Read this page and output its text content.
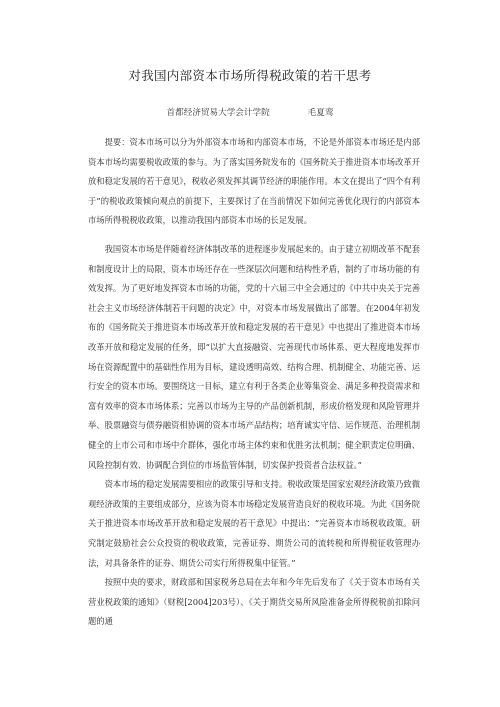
对我国内部资本市场所得税政策的若干思考
首都经济贸易大学会计学院	毛夏鸾

提要：资本市场可以分为外部资本市场和内部资本市场，不论是外部资本市场还是内部资本市场均需要税收政策的参与。为了落实国务院发布的《国务院关于推进资本市场改革开放和稳定发展的若干意见》，税收必须发挥其调节经济的职能作用。本文在提出了“四个有利于”的税收政策倾向观点的前提下，主要探讨了在当前情况下如何完善优化现行的内部资本市场所得税税收政策，以推动我国内部资本市场的长足发展。

我国资本市场是伴随着经济体制改革的进程逐步发展起来的。由于建立初期改革不配套和制度设计上的局限，资本市场还存在一些深层次问题和结构性矛盾，制约了市场功能的有效发挥。为了更好地发挥资本市场的功能，党的十六届三中全会通过的《中共中央关于完善社会主义市场经济体制若干问题的决定》中，对资本市场发展做出了部署。在2004年初发布的《国务院关于推进资本市场改革开放和稳定发展的若干意见》中也提出了推进资本市场改革开放和稳定发展的任务，即“以扩大直接融资、完善现代市场体系、更大程度地发挥市场在资源配置中的基础性作用为目标，建设透明高效、结构合理、机制健全、功能完善、运行安全的资本市场。要围绕这一目标，建立有利于各类企业筹集资金、满足多种投资需求和富有效率的资本市场体系；完善以市场为主导的产品创新机制，形成价格发现和风险管理并举、股票融资与债券融资相协调的资本市场产品结构；培育诚实守信、运作规范、治理机制健全的上市公司和市场中介群体，强化市场主体约束和优胜劣汰机制；健全职责定位明确、风险控制有效、协调配合到位的市场监管体制，切实保护投资者合法权益。”

资本市场的稳定发展需要相应的政策引导和支持。税收政策是国家宏观经济政策乃致微观经济政策的主要组成部分，应该为资本市场稳定发展营造良好的税收环境。为此《国务院关于推进资本市场改革开放和稳定发展的若干意见》中提出：“完善资本市场税收政策。研究制定鼓励社会公众投资的税收政策，完善证券、期货公司的流转税和所得税征收管理办法，对具备条件的证券、期货公司实行所得税集中征管。”

按照中央的要求，财政部和国家税务总局在去年和今年先后发布了《关于资本市场有关营业税政策的通知》（财税[2004]203号）、《关于期货交易所风险准备金所得税税前扣除问题的通
